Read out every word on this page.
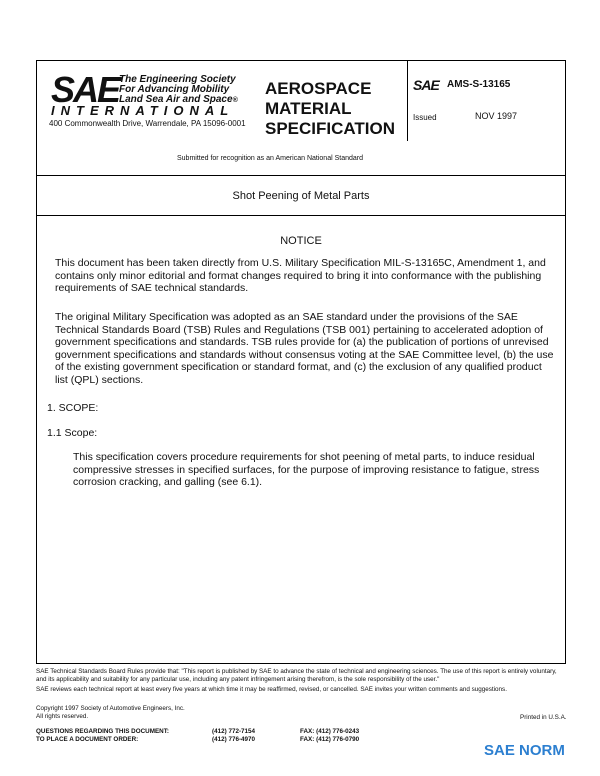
SAE The Engineering Society
For Advancing Mobility
Land Sea Air and Space®
INTERNATIONAL
400 Commonwealth Drive, Warrendale, PA 15096-0001
AEROSPACE
MATERIAL
SPECIFICATION
SAE AMS-S-13165
Issued	NOV 1997
Submitted for recognition as an American National Standard
Shot Peening of Metal Parts
NOTICE
This document has been taken directly from U.S. Military Specification MIL-S-13165C, Amendment 1, and contains only minor editorial and format changes required to bring it into conformance with the publishing requirements of SAE technical standards.
The original Military Specification was adopted as an SAE standard under the provisions of the SAE Technical Standards Board (TSB) Rules and Regulations (TSB 001) pertaining to accelerated adoption of government specifications and standards. TSB rules provide for (a) the publication of portions of unrevised government specifications and standards without consensus voting at the SAE Committee level, (b) the use of the existing government specification or standard format, and (c) the exclusion of any qualified product list (QPL) sections.
1. SCOPE:
1.1 Scope:
This specification covers procedure requirements for shot peening of metal parts, to induce residual compressive stresses in specified surfaces, for the purpose of improving resistance to fatigue, stress corrosion cracking, and galling (see 6.1).
SAE Technical Standards Board Rules provide that: "This report is published by SAE to advance the state of technical and engineering sciences. The use of this report is entirely voluntary, and its applicability and suitability for any particular use, including any patent infringement arising therefrom, is the sole responsibility of the user."
SAE reviews each technical report at least every five years at which time it may be reaffirmed, revised, or cancelled. SAE invites your written comments and suggestions.
Copyright 1997 Society of Automotive Engineers, Inc.
All rights reserved.	Printed in U.S.A.
QUESTIONS REGARDING THIS DOCUMENT:
TO PLACE A DOCUMENT ORDER:
(412) 772-7154
(412) 776-4970
FAX: (412) 776-0243
FAX: (412) 776-0790
SAE NORM
